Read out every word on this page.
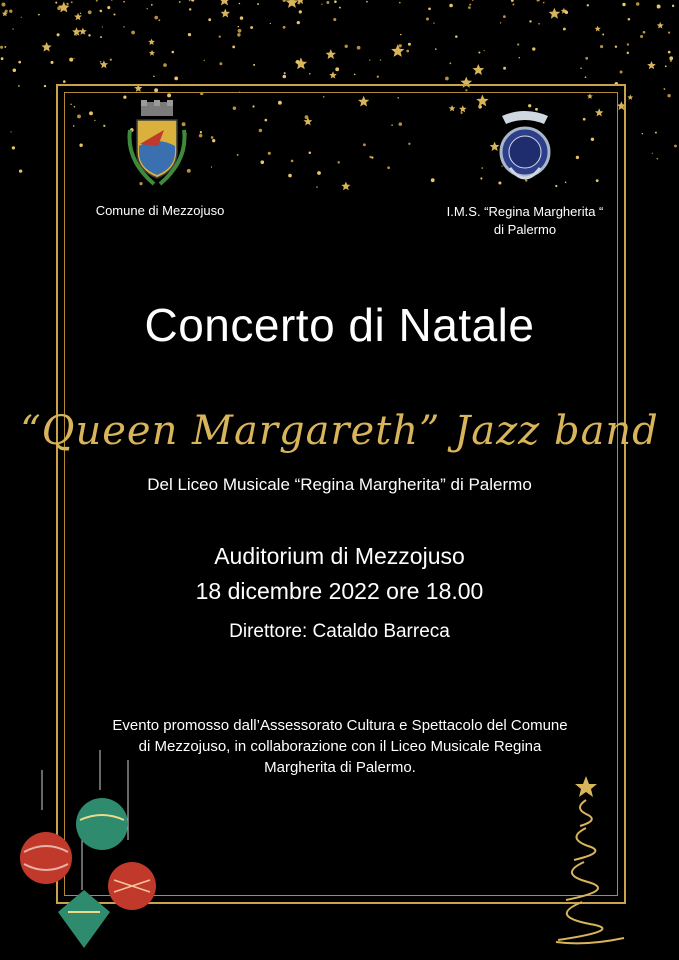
Comune di Mezzojuso	I.M.S. “Regina Margherita “
di Palermo
Concerto di Natale
“Queen Margareth” Jazz band
Del Liceo Musicale “Regina Margherita” di Palermo
Auditorium di Mezzojuso
18 dicembre 2022 ore 18.00
Direttore: Cataldo Barreca
Evento promosso dall’Assessorato Cultura e Spettacolo del Comune
di Mezzojuso, in collaborazione con il Liceo Musicale Regina
Margherita di Palermo.
